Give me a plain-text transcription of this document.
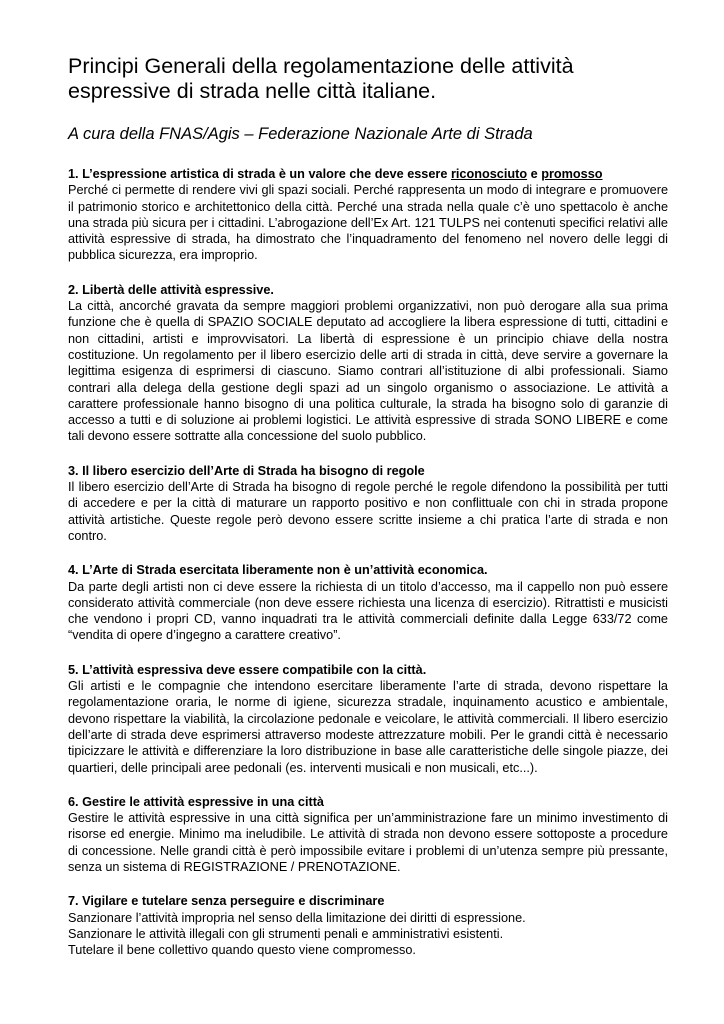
Principi Generali della regolamentazione delle attività espressive di strada nelle città italiane.
A cura della FNAS/Agis – Federazione Nazionale Arte di Strada

1. L’espressione artistica di strada è un valore che deve essere riconosciuto e promosso

Perché ci permette di rendere vivi gli spazi sociali. Perché rappresenta un modo di integrare e promuovere il patrimonio storico e architettonico della città. Perché una strada nella quale c’è uno spettacolo è anche una strada più sicura per i cittadini. L’abrogazione dell’Ex Art. 121 TULPS nei contenuti specifici relativi alle attività espressive di strada, ha dimostrato che l’inquadramento del fenomeno nel novero delle leggi di pubblica sicurezza, era improprio.

2. Libertà delle attività espressive.

La città, ancorché gravata da sempre maggiori problemi organizzativi, non può derogare alla sua prima funzione che è quella di SPAZIO SOCIALE deputato ad accogliere la libera espressione di tutti, cittadini e non cittadini, artisti e improvvisatori. La libertà di espressione è un principio chiave della nostra costituzione. Un regolamento per il libero esercizio delle arti di strada in città, deve servire a governare la legittima esigenza di esprimersi di ciascuno. Siamo contrari all’istituzione di albi professionali. Siamo contrari alla delega della gestione degli spazi ad un singolo organismo o associazione. Le attività a carattere professionale hanno bisogno di una politica culturale, la strada ha bisogno solo di garanzie di accesso a tutti e di soluzione ai problemi logistici. Le attività espressive di strada SONO LIBERE e come tali devono essere sottratte alla concessione del suolo pubblico.

3. Il libero esercizio dell’Arte di Strada ha bisogno di regole

Il libero esercizio dell’Arte di Strada ha bisogno di regole perché le regole difendono la possibilità per tutti di accedere e per la città di maturare un rapporto positivo e non conflittuale con chi in strada propone attività artistiche. Queste regole però devono essere scritte insieme a chi pratica l’arte di strada e non contro.

4. L’Arte di Strada esercitata liberamente non è un’attività economica.

Da parte degli artisti non ci deve essere la richiesta di un titolo d’accesso, ma il cappello non può essere considerato attività commerciale (non deve essere richiesta una licenza di esercizio). Ritrattisti e musicisti che vendono i propri CD, vanno inquadrati tra le attività commerciali definite dalla Legge 633/72 come “vendita di opere d’ingegno a carattere creativo”.

5. L’attività espressiva deve essere compatibile con la città.

Gli artisti e le compagnie che intendono esercitare liberamente l’arte di strada, devono rispettare la regolamentazione oraria, le norme di igiene, sicurezza stradale, inquinamento acustico e ambientale, devono rispettare la viabilità, la circolazione pedonale e veicolare, le attività commerciali. Il libero esercizio dell’arte di strada deve esprimersi attraverso modeste attrezzature mobili. Per le grandi città è necessario tipicizzare le attività e differenziare la loro distribuzione in base alle caratteristiche delle singole piazze, dei quartieri, delle principali aree pedonali (es. interventi musicali e non musicali, etc...).

6. Gestire le attività espressive in una città

Gestire le attività espressive in una città significa per un’amministrazione fare un minimo investimento di risorse ed energie. Minimo ma ineludibile. Le attività di strada non devono essere sottoposte a procedure di concessione. Nelle grandi città è però impossibile evitare i problemi di un’utenza sempre più pressante, senza un sistema di REGISTRAZIONE / PRENOTAZIONE.

7. Vigilare e tutelare senza perseguire e discriminare

Sanzionare l’attività impropria nel senso della limitazione dei diritti di espressione.
Sanzionare le attività illegali con gli strumenti penali e amministrativi esistenti.
Tutelare il bene collettivo quando questo viene compromesso.
